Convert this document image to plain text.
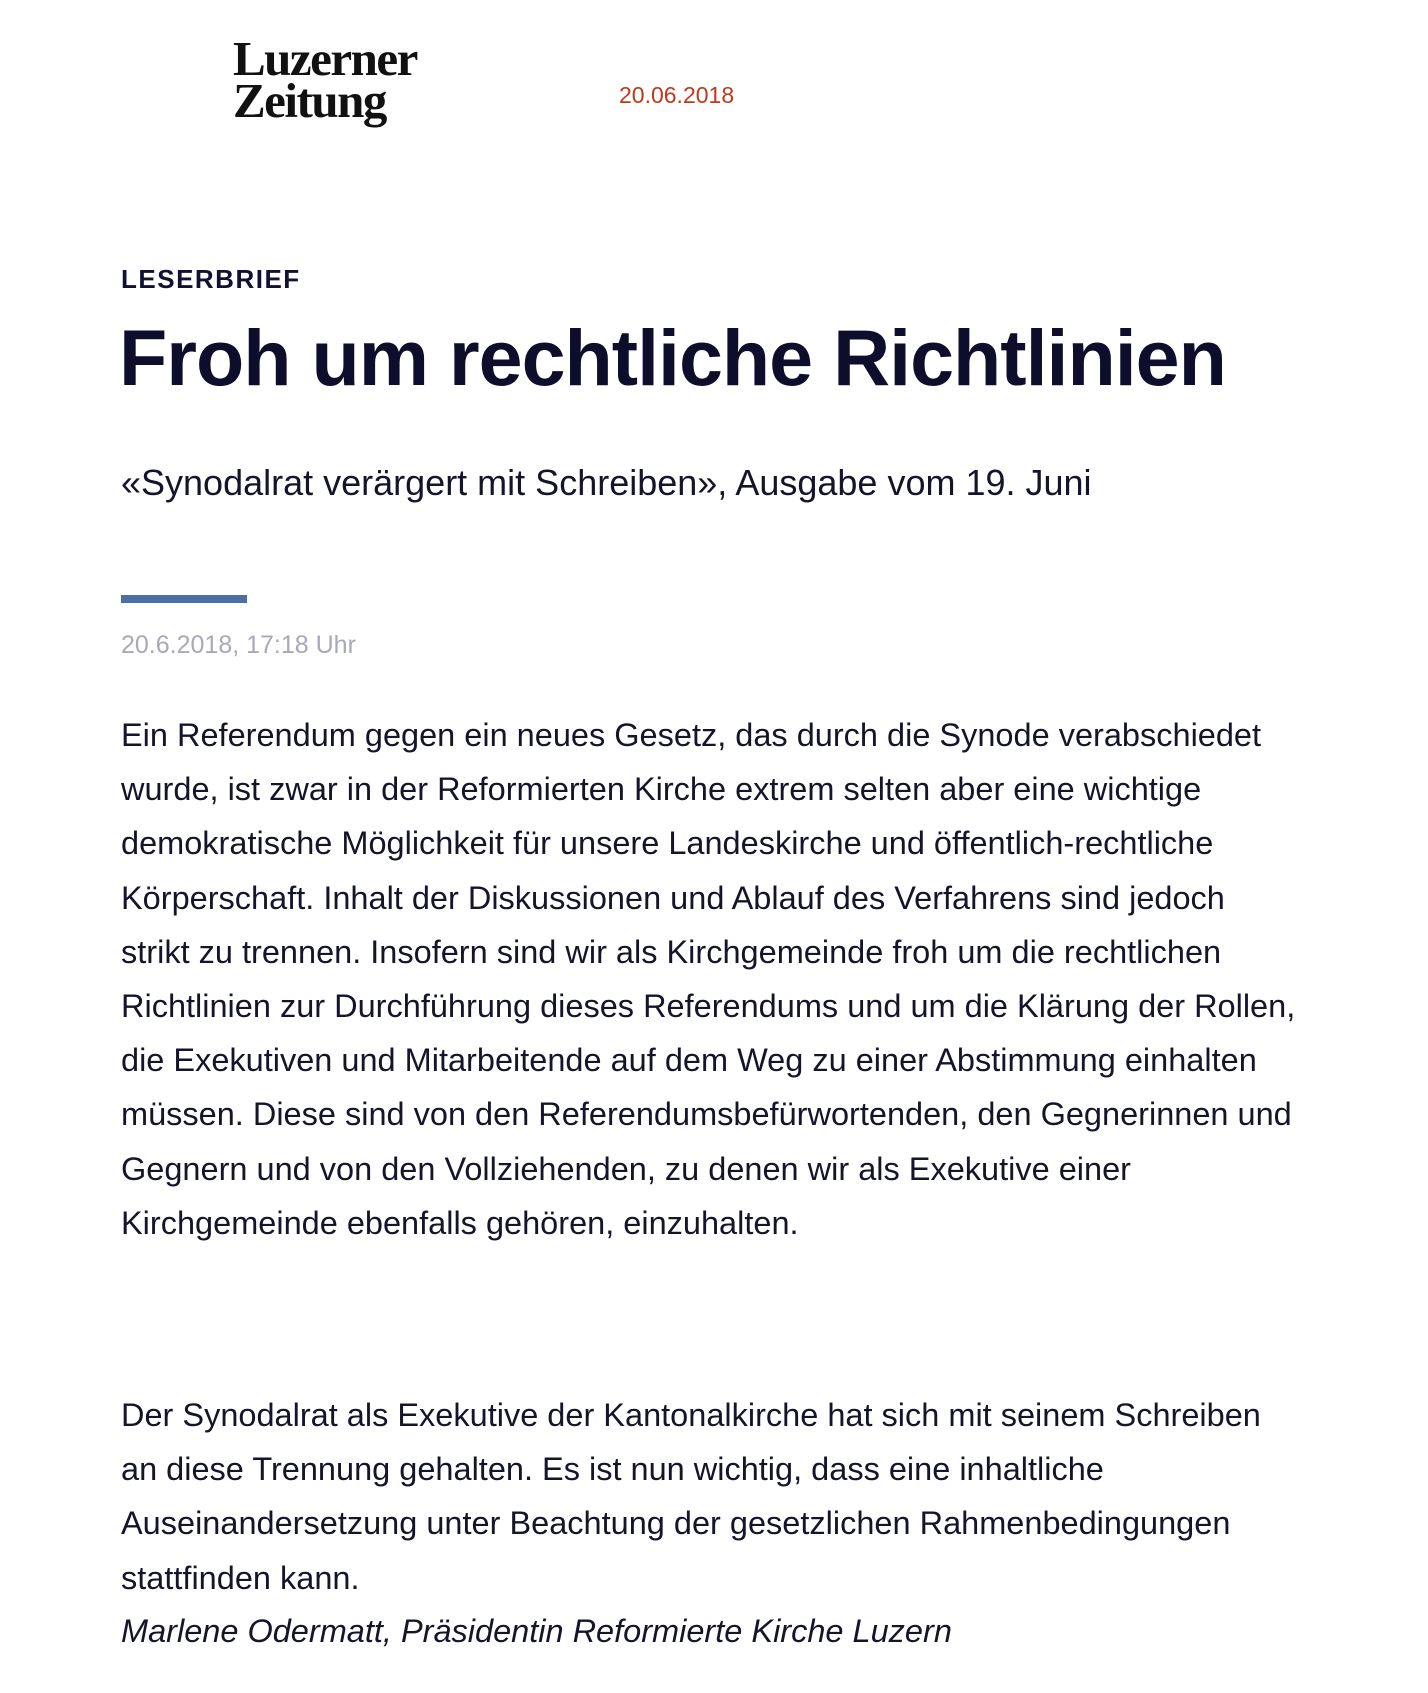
Luzerner
Zeitung	20.06.2018
LESERBRIEF
Froh um rechtliche Richtlinien
«Synodalrat verärgert mit Schreiben», Ausgabe vom 19. Juni
20.6.2018, 17:18 Uhr

Ein Referendum gegen ein neues Gesetz, das durch die Synode verabschiedet wurde, ist zwar in der Reformierten Kirche extrem selten aber eine wichtige demokratische Möglichkeit für unsere Landeskirche und öffentlich-rechtliche Körperschaft. Inhalt der Diskussionen und Ablauf des Verfahrens sind jedoch strikt zu trennen. Insofern sind wir als Kirchgemeinde froh um die rechtlichen Richtlinien zur Durchführung dieses Referendums und um die Klärung der Rollen, die Exekutiven und Mitarbeitende auf dem Weg zu einer Abstimmung einhalten müssen. Diese sind von den Referendumsbefürwortenden, den Gegnerinnen und Gegnern und von den Vollziehenden, zu denen wir als Exekutive einer Kirchgemeinde ebenfalls gehören, einzuhalten.

Der Synodalrat als Exekutive der Kantonalkirche hat sich mit seinem Schreiben an diese Trennung gehalten. Es ist nun wichtig, dass eine inhaltliche Auseinandersetzung unter Beachtung der gesetzlichen Rahmenbedingungen stattfinden kann.

Marlene Odermatt, Präsidentin Reformierte Kirche Luzern
